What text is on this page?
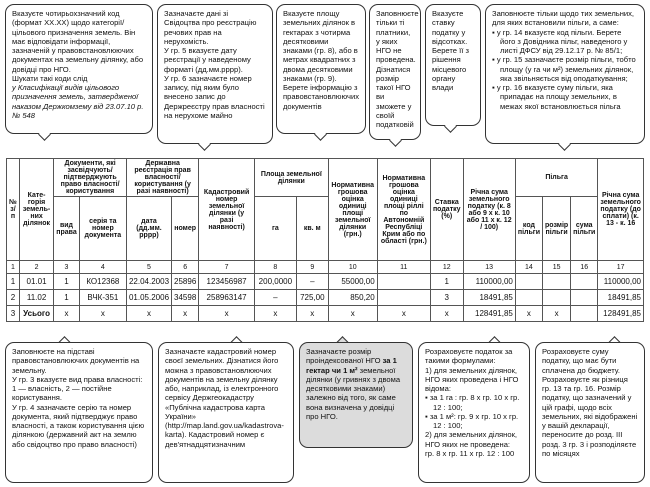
Вказуєте чотирьохзначний код (формат ХХ.ХХ) щодо категорії/ цільового призначення земель. Він має відповідати інформації, зазначеній у правовстановлюючих документах на земельну ділянку, або довідці про НГО.

Шукати такі коди слід

у Класифікації видів цільового призначення земель, затвердженої наказом Держкомзему від 23.07.10 р. № 548

Зазначаєте дані зі Свідоцтва про реєстрацію речових прав на нерухомість.

У гр. 5 вказуєте дату реєстрації у наведеному форматі (дд.мм.рррр).

У гр. 6 зазначаєте номер запису, під яким було внесено запис до Держреєстру прав власності на нерухоме майно

Вказуєте площу земельних ділянок в гектарах з чотирма десятковими знаками (гр. 8), або в метрах квадратних з двома десятковими знаками (гр. 9). Берете інформацію з правовстановлюючих документів

Заповнюєте тільки ті платники, у яких НГО не проведена. Дізнатися розмір такої НГО ви зможете у своїй податковій

Вказуєте ставку податку у відсотках. Берете її з рішення місцевого органу влади

Заповнюєте тільки щодо тих земельних, для яких встановили пільги, а саме:

▪ у гр. 14 вказуєте код пільги. Берете його з Довідника пільг, наведеного у листі ДФСУ від 29.12.17 р. № 85/1;
▪ у гр. 15 зазначаєте розмір пільги, тобто площу (у га чи м²) земельних ділянок, яка звільняється від оподаткування;
▪ у гр. 16 вказуєте суму пільги, яка припадає на площу земельних, в межах якої встановлюється пільга
№ з/п	Кате-горія земель-них ділянок	Документи, які засвідчують/ підтверджують право власності/ користування		Державна реєстрація прав власності/ користування (у разі наявності)		Кадастровий номер земельної ділянки (у разі наявності)	Площа земельної ділянки		Нормативна грошова оцінка одиниці площі земельної ділянки (грн.)	Нормативна грошова оцінка одиниці площі ріллі по Автономній Республіці Крим або по області (грн.)	Ставка податку (%)	Річна сума земельного податку (к. 8 або 9 х к. 10 або 11 х к. 12 / 100)	Пільга			Річна сума земельного податку (до сплати) (к. 13 - к. 16
		вид права	серія та номер документа	дата (дд.мм. рррр)	номер		га	кв. м					код пільги	розмір пільги	сума пільги	
1	2	3	4	5	6	7	8	9	10	11	12	13	14	15	16	17
1	01.01	1	КО12368	22.04.2003	25896	123456987	200,0000	–	55000,00		1	110000,00				110000,00
2	11.02	1	ВЧК-351	01.05.2006	34598	258963147	–	725,00	850,20		3	18491,85				18491,85
3	Усього	x	x	x	x	x	x	x	x	x	x	128491,85	x	x		128491,85

Заповнюєте на підставі правовстановлюючих документів на земельну.

У гр. 3 вказуєте вид права власності: 1 — власність, 2 — постійне користування.

У гр. 4 зазначаєте серію та номер документа, який підтверджує право власності, а також користування цією ділянкою (державний акт на землю або свідоцтво про право власності)

Зазначаєте кадастровий номер своєї земельних. Дізнатися його можна з правовстановлюючих документів на земельну ділянку або, наприклад, із електронного сервісу Держгеокадастру «Публічна кадастрова карта України» (http://map.land.gov.ua/kadastrova-karta). Кадастровий номер є дев'ятнадцятизначним

Зазначаєте розмір проіндексованої НГО за 1 гектар чи 1 м² земельної ділянки (у гривнях з двома десятковими знаками) залежно від того, як саме вона визначена у довідці про НГО.

Розраховуєте податок за такими формулами:

1) для земельних ділянок, НГО яких проведена і НГО відома:

▪ за 1 га : гр. 8 х гр. 10 х гр. 12 : 100;
▪ за 1 м²: гр. 9 х гр. 10 х гр. 12 : 100;

2) для земельних ділянок, НГО яких не проведена:

гр. 8 х гр. 11 х гр. 12 : 100

Розраховуєте суму податку, що має бути сплачена до бюджету. Розраховуєте як різниця гр. 13 та гр. 16. Розмір податку, що зазначений у цій графі, щодо всіх земельних, які відображені у вашій декларації, переносите до розд. III розд. 3 гр. 3 і розподіляєте по місяцях
